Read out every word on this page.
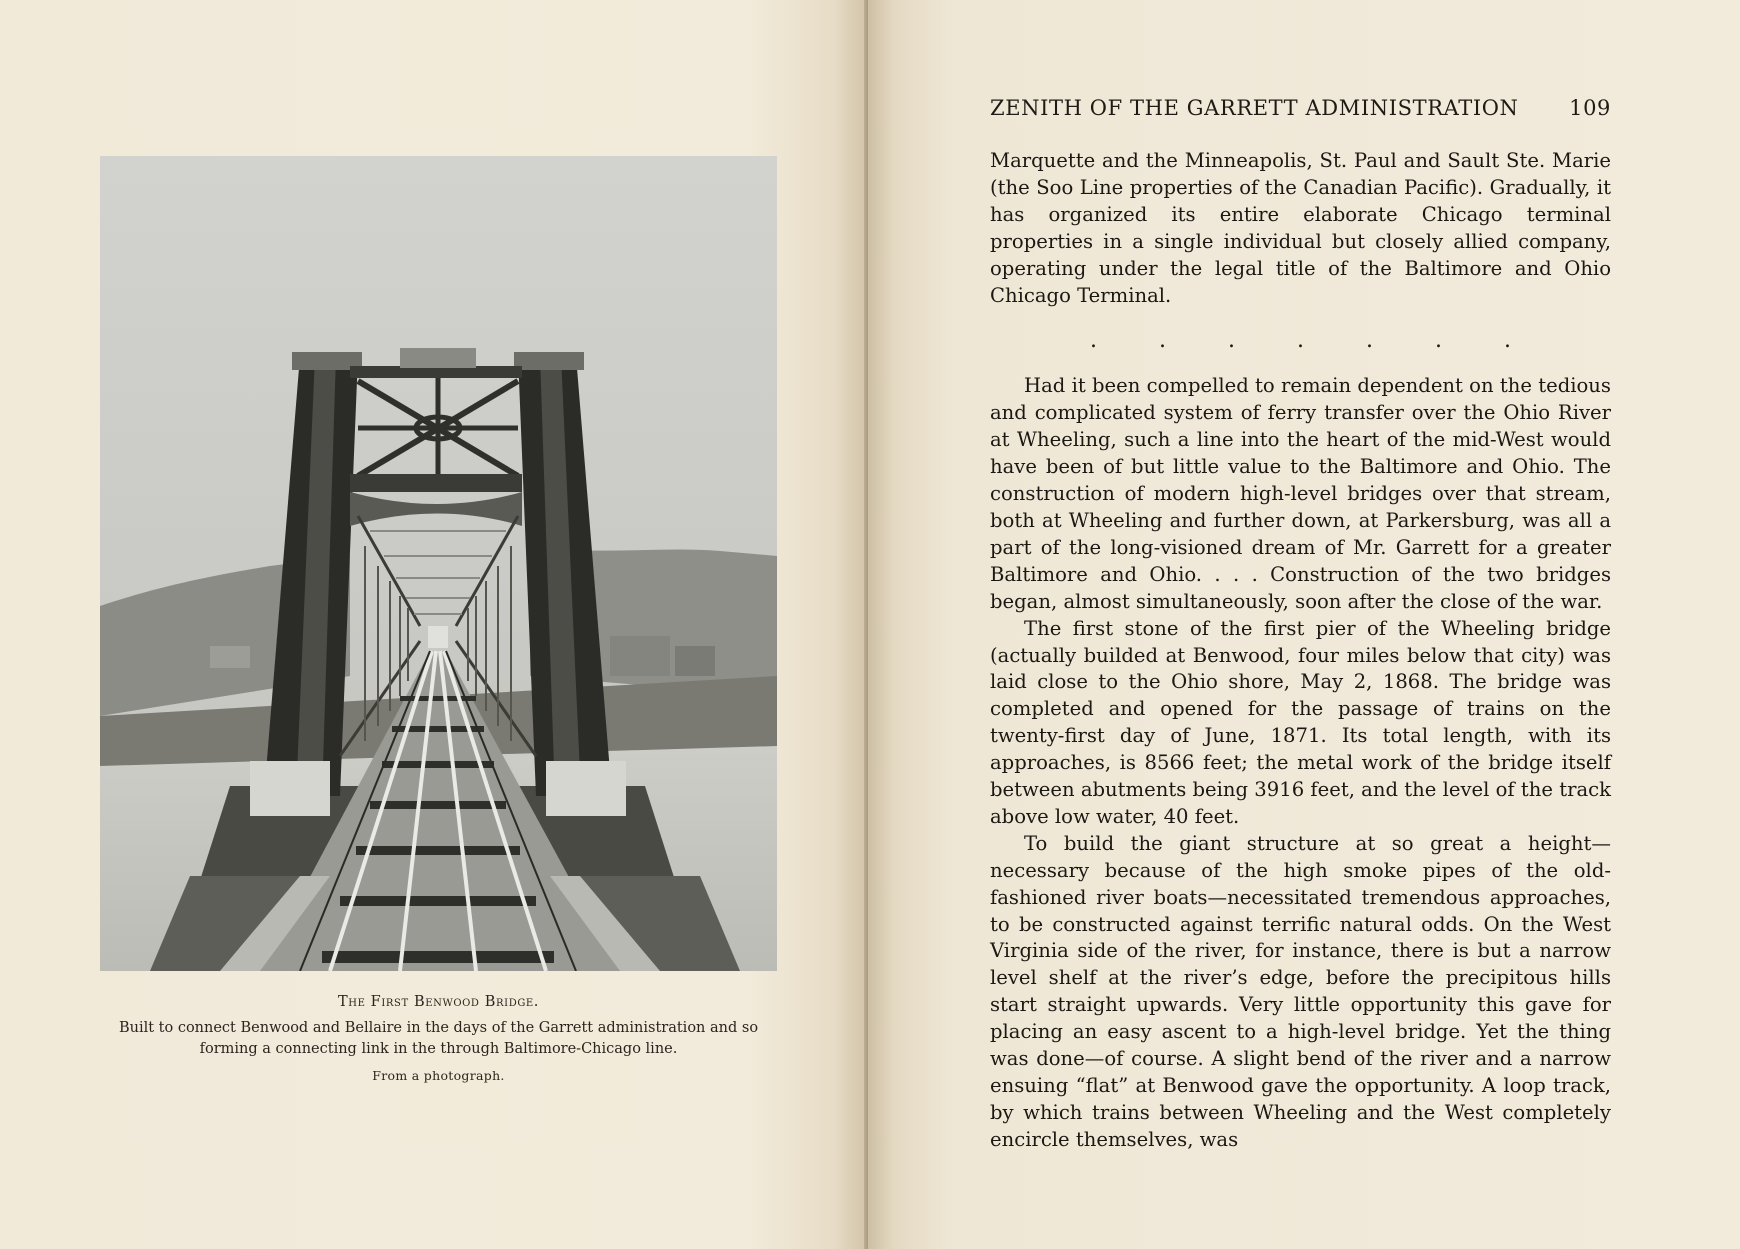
The First Benwood Bridge.
Built to connect Benwood and Bellaire in the days of the Garrett administration and so forming a connecting link in the through Baltimore-Chicago line.
From a photograph.
ZENITH OF THE GARRETT ADMINISTRATION 109

Marquette and the Minneapolis, St. Paul and Sault Ste. Marie (the Soo Line properties of the Canadian Pacific). Gradually, it has organized its entire elaborate Chicago terminal properties in a single individual but closely allied company, operating under the legal title of the Baltimore and Ohio Chicago Terminal.

.	.	.	.	.	.	.

Had it been compelled to remain dependent on the tedious and complicated system of ferry transfer over the Ohio River at Wheeling, such a line into the heart of the mid-West would have been of but little value to the Baltimore and Ohio. The construction of modern high-level bridges over that stream, both at Wheeling and further down, at Parkersburg, was all a part of the long-visioned dream of Mr. Garrett for a greater Baltimore and Ohio. . . . Construction of the two bridges began, almost simultaneously, soon after the close of the war.

The first stone of the first pier of the Wheeling bridge (actually builded at Benwood, four miles below that city) was laid close to the Ohio shore, May 2, 1868. The bridge was completed and opened for the passage of trains on the twenty-first day of June, 1871. Its total length, with its approaches, is 8566 feet; the metal work of the bridge itself between abutments being 3916 feet, and the level of the track above low water, 40 feet.

To build the giant structure at so great a height—necessary because of the high smoke pipes of the old-fashioned river boats—necessitated tremendous approaches, to be constructed against terrific natural odds. On the West Virginia side of the river, for instance, there is but a narrow level shelf at the river’s edge, before the precipitous hills start straight upwards. Very little opportunity this gave for placing an easy ascent to a high-level bridge. Yet the thing was done—of course. A slight bend of the river and a narrow ensuing “flat” at Benwood gave the opportunity. A loop track, by which trains between Wheeling and the West completely encircle themselves, was
